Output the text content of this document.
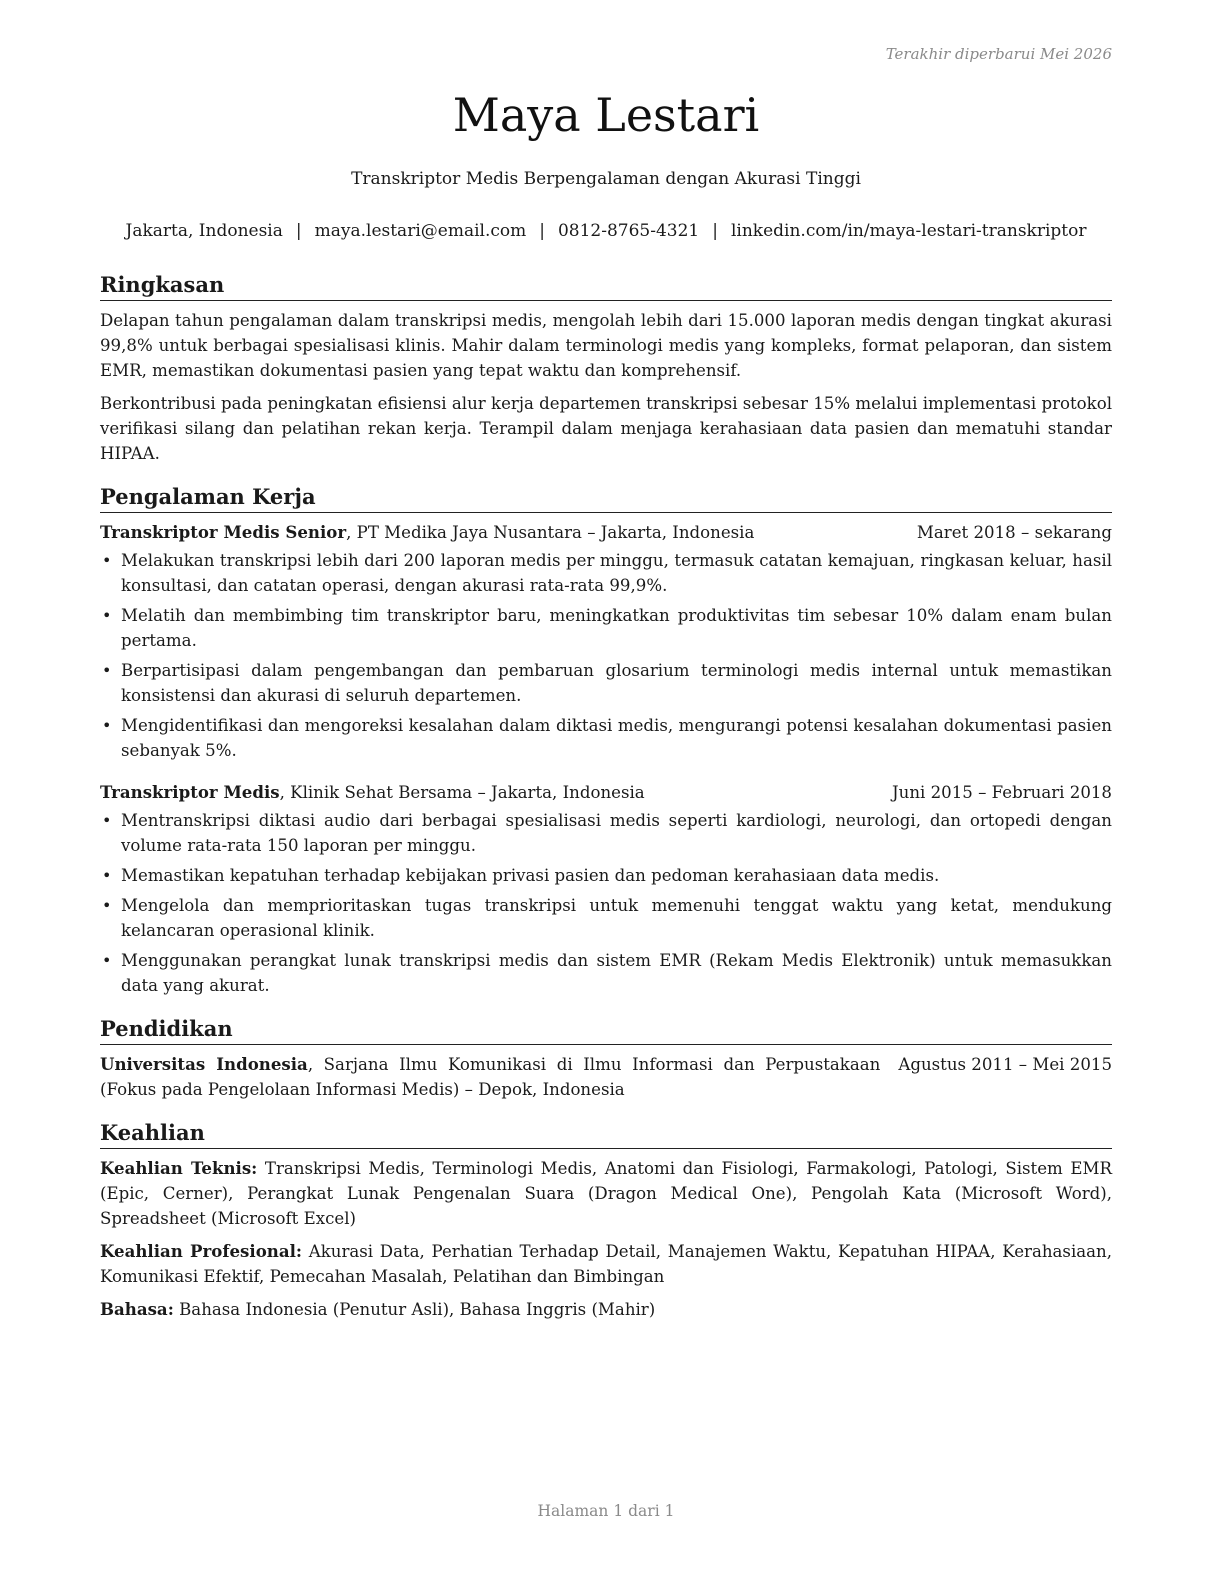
Terakhir diperbarui Mei 2026
Maya Lestari
Transkriptor Medis Berpengalaman dengan Akurasi Tinggi
Jakarta, Indonesia | maya.lestari@email.com | 0812-8765-4321 | linkedin.com/in/maya-lestari-transkriptor
Ringkasan

Delapan tahun pengalaman dalam transkripsi medis, mengolah lebih dari 15.000 laporan medis dengan tingkat akurasi 99,8% untuk berbagai spesialisasi klinis. Mahir dalam terminologi medis yang kompleks, format pelaporan, dan sistem EMR, memastikan dokumentasi pasien yang tepat waktu dan komprehensif.

Berkontribusi pada peningkatan efisiensi alur kerja departemen transkripsi sebesar 15% melalui implementasi protokol verifikasi silang dan pelatihan rekan kerja. Terampil dalam menjaga kerahasiaan data pasien dan mematuhi standar HIPAA.

Pengalaman Kerja
Transkriptor Medis Senior, PT Medika Jaya Nusantara – Jakarta, Indonesia	Maret 2018 – sekarang
• Melakukan transkripsi lebih dari 200 laporan medis per minggu, termasuk catatan kemajuan, ringkasan keluar, hasil konsultasi, dan catatan operasi, dengan akurasi rata-rata 99,9%.
• Melatih dan membimbing tim transkriptor baru, meningkatkan produktivitas tim sebesar 10% dalam enam bulan pertama.
• Berpartisipasi dalam pengembangan dan pembaruan glosarium terminologi medis internal untuk memastikan konsistensi dan akurasi di seluruh departemen.
• Mengidentifikasi dan mengoreksi kesalahan dalam diktasi medis, mengurangi potensi kesalahan dokumentasi pasien sebanyak 5%.
Transkriptor Medis, Klinik Sehat Bersama – Jakarta, Indonesia	Juni 2015 – Februari 2018
• Mentranskripsi diktasi audio dari berbagai spesialisasi medis seperti kardiologi, neurologi, dan ortopedi dengan volume rata-rata 150 laporan per minggu.
• Memastikan kepatuhan terhadap kebijakan privasi pasien dan pedoman kerahasiaan data medis.
• Mengelola dan memprioritaskan tugas transkripsi untuk memenuhi tenggat waktu yang ketat, mendukung kelancaran operasional klinik.
• Menggunakan perangkat lunak transkripsi medis dan sistem EMR (Rekam Medis Elektronik) untuk memasukkan data yang akurat.
Pendidikan
Universitas Indonesia, Sarjana Ilmu Komunikasi di Ilmu Informasi dan Perpustakaan (Fokus pada Pengelolaan Informasi Medis) – Depok, Indonesia
Agustus 2011 – Mei 2015
Keahlian

Keahlian Teknis: Transkripsi Medis, Terminologi Medis, Anatomi dan Fisiologi, Farmakologi, Patologi, Sistem EMR (Epic, Cerner), Perangkat Lunak Pengenalan Suara (Dragon Medical One), Pengolah Kata (Microsoft Word), Spreadsheet (Microsoft Excel)

Keahlian Profesional: Akurasi Data, Perhatian Terhadap Detail, Manajemen Waktu, Kepatuhan HIPAA, Kerahasiaan, Komunikasi Efektif, Pemecahan Masalah, Pelatihan dan Bimbingan

Bahasa: Bahasa Indonesia (Penutur Asli), Bahasa Inggris (Mahir)

Halaman 1 dari 1
